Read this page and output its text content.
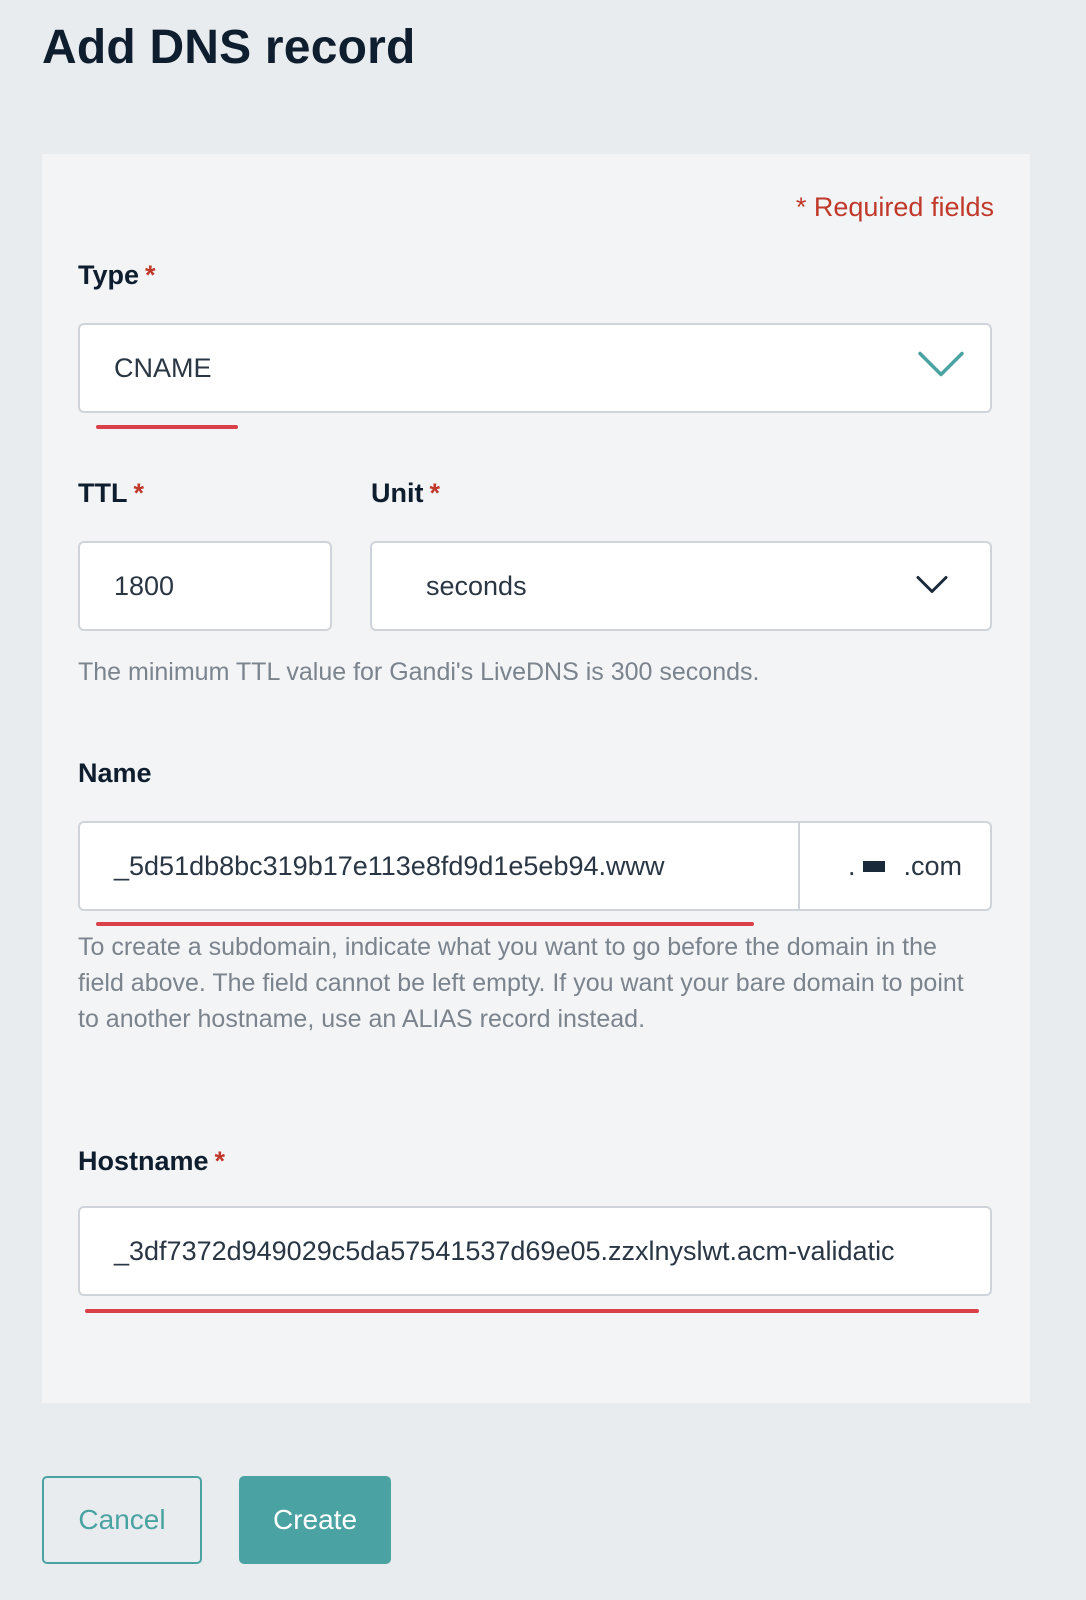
Add DNS record
* Required fields
Type *
CNAME
TTL *
1800
Unit *
seconds
The minimum TTL value for Gandi's LiveDNS is 300 seconds.
Name
_5d51db8bc319b17e113e8fd9d1e5eb94.www	. .com
To create a subdomain, indicate what you want to go before the domain in the field above. The field cannot be left empty. If you want your bare domain to point to another hostname, use an ALIAS record instead.
Hostname *
_3df7372d949029c5da57541537d69e05.zzxlnyslwt.acm-validatic
Cancel	Create
